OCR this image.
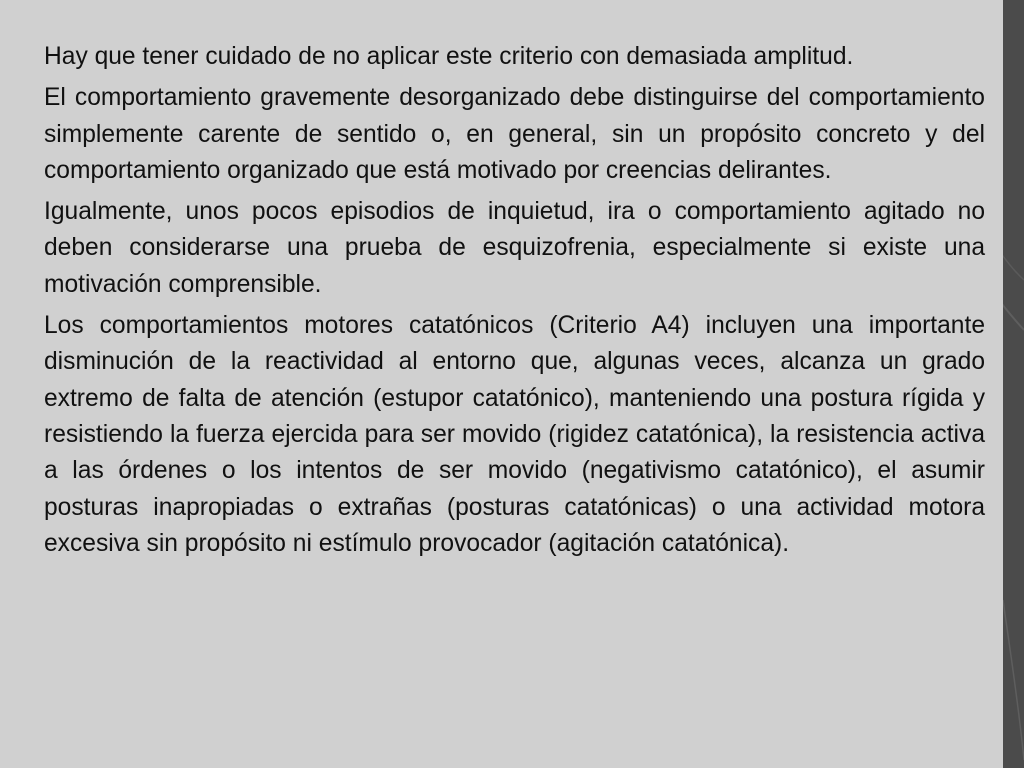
Hay que tener cuidado de no aplicar este criterio con demasiada amplitud.

El comportamiento gravemente desorganizado debe distinguirse del comportamiento simplemente carente de sentido o, en general, sin un propósito concreto y del comportamiento organizado que está motivado por creencias delirantes.

Igualmente, unos pocos episodios de inquietud, ira o comportamiento agitado no deben considerarse una prueba de esquizofrenia, especialmente si existe una motivación comprensible.

Los comportamientos motores catatónicos (Criterio A4) incluyen una importante disminución de la reactividad al entorno que, algunas veces, alcanza un grado extremo de falta de atención (estupor catatónico), manteniendo una postura rígida y resistiendo la fuerza ejercida para ser movido (rigidez catatónica), la resistencia activa a las órdenes o los intentos de ser movido (negativismo catatónico), el asumir posturas inapropiadas o extrañas (posturas catatónicas) o una actividad motora excesiva sin propósito ni estímulo provocador (agitación catatónica).
